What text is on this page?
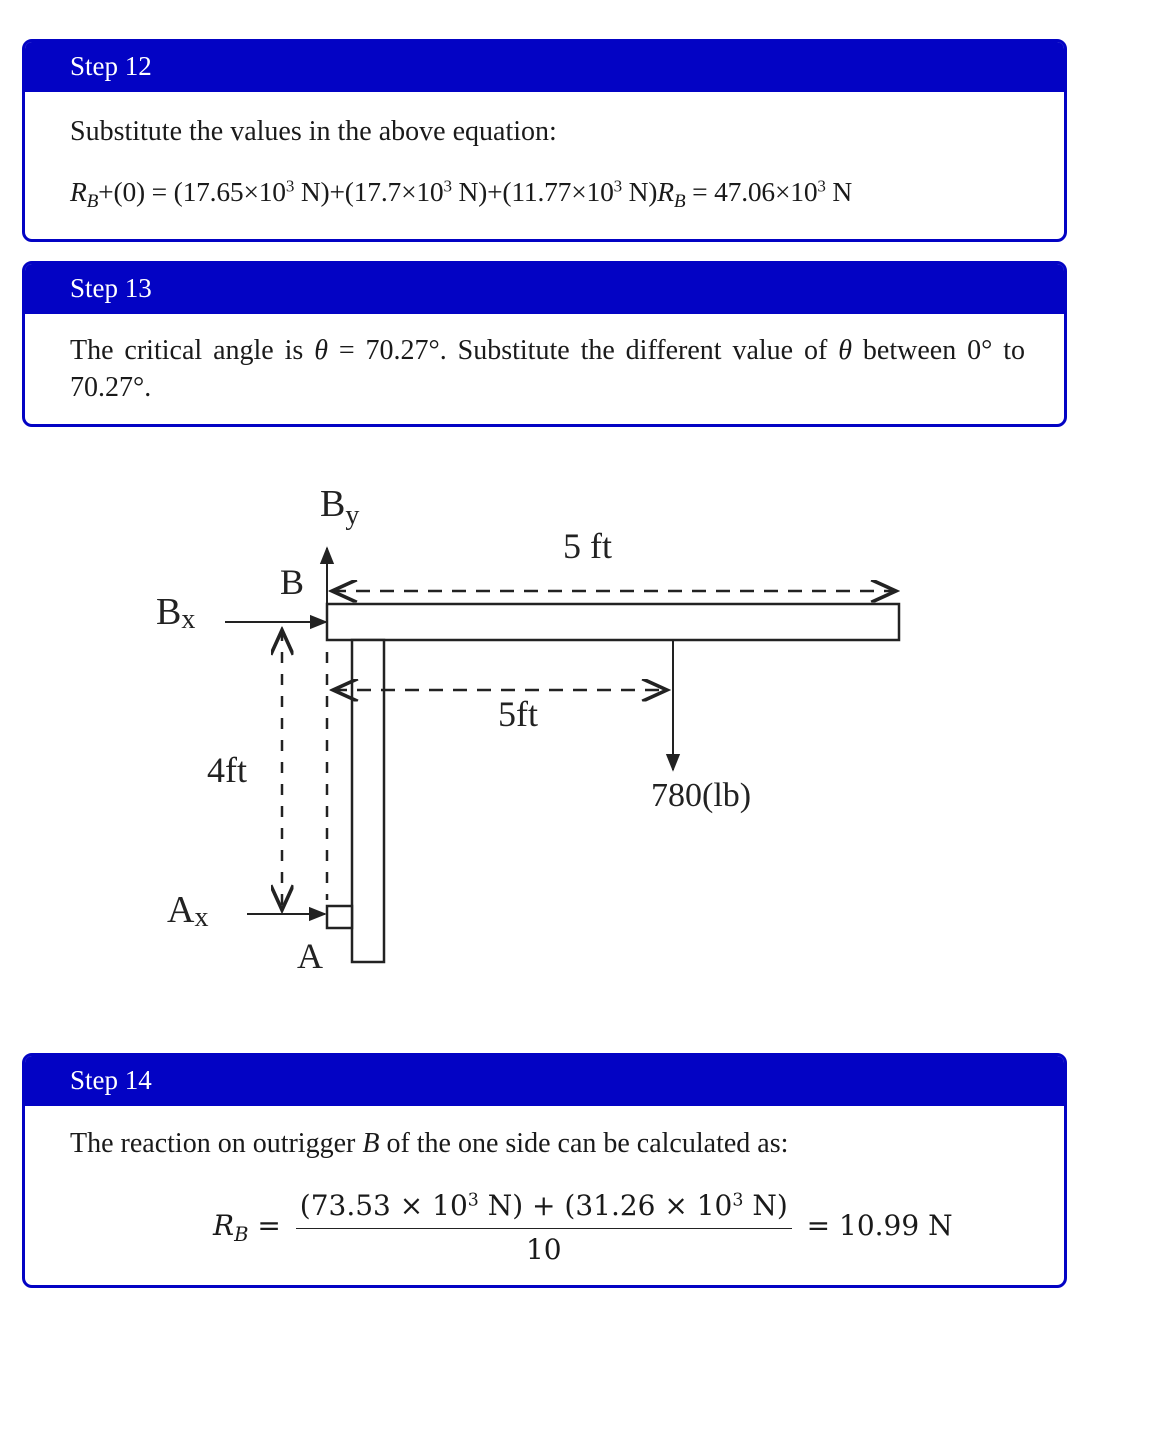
Step 12
Substitute the values in the above equation:
$R_B+(0) = (17.65\times 10^3$ $N)+(17.7\times 10^3$ $N)+(11.77\times 10^3$ $N)R_B = 47.06\times 10^3$ N
Step 13
The critical angle is θ = 70.27°. Substitute the different value of θ between 0° to 70.27°.
$B_y$
B
5 ft
Bx
5ft
780(lb)
4ft
Ax
A
Step 14
The reaction on outrigger B of the one side can be calculated as:
$R_B = \frac{(73.53 \times 10^3 N) + (31.26 \times 10^3 N)}{10} = 10.99$ N
